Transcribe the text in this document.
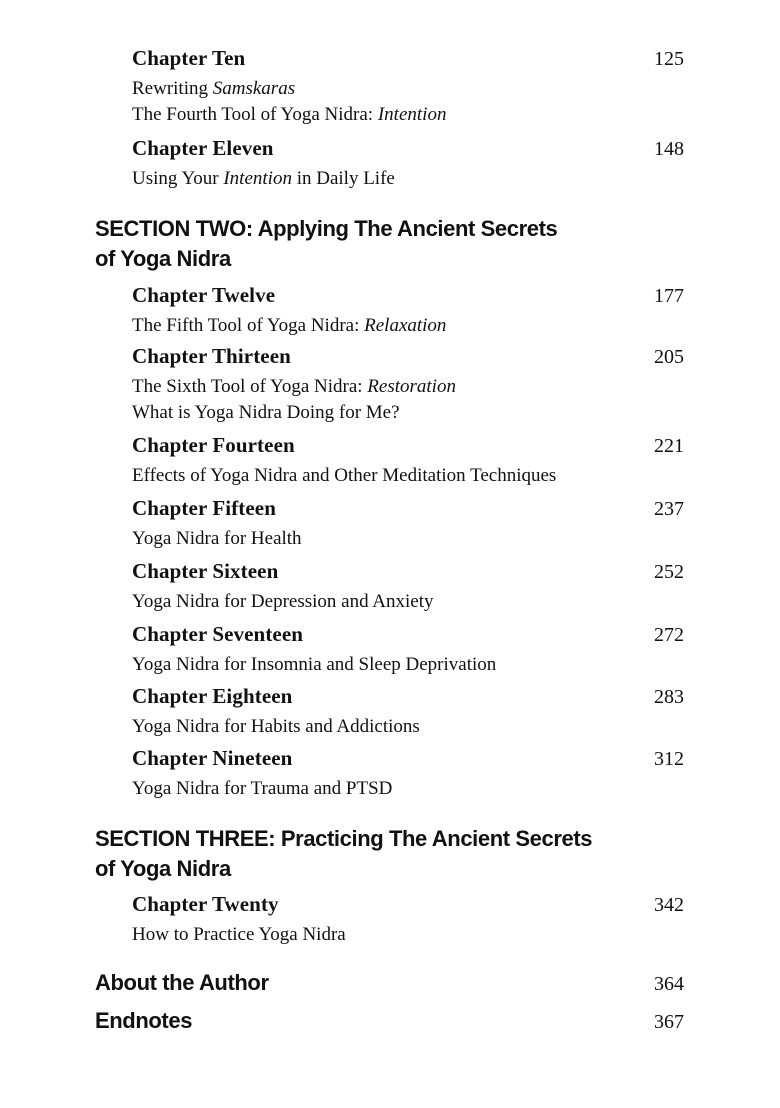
Chapter Ten	125
Rewriting Samskaras
The Fourth Tool of Yoga Nidra: Intention
Chapter Eleven	148
Using Your Intention in Daily Life
SECTION TWO: Applying The Ancient Secrets
of Yoga Nidra
Chapter Twelve	177
The Fifth Tool of Yoga Nidra: Relaxation
Chapter Thirteen	205
The Sixth Tool of Yoga Nidra: Restoration
What is Yoga Nidra Doing for Me?
Chapter Fourteen	221
Effects of Yoga Nidra and Other Meditation Techniques
Chapter Fifteen	237
Yoga Nidra for Health
Chapter Sixteen	252
Yoga Nidra for Depression and Anxiety
Chapter Seventeen	272
Yoga Nidra for Insomnia and Sleep Deprivation
Chapter Eighteen	283
Yoga Nidra for Habits and Addictions
Chapter Nineteen	312
Yoga Nidra for Trauma and PTSD
SECTION THREE: Practicing The Ancient Secrets
of Yoga Nidra
Chapter Twenty	342
How to Practice Yoga Nidra
About the Author	364
Endnotes	367
